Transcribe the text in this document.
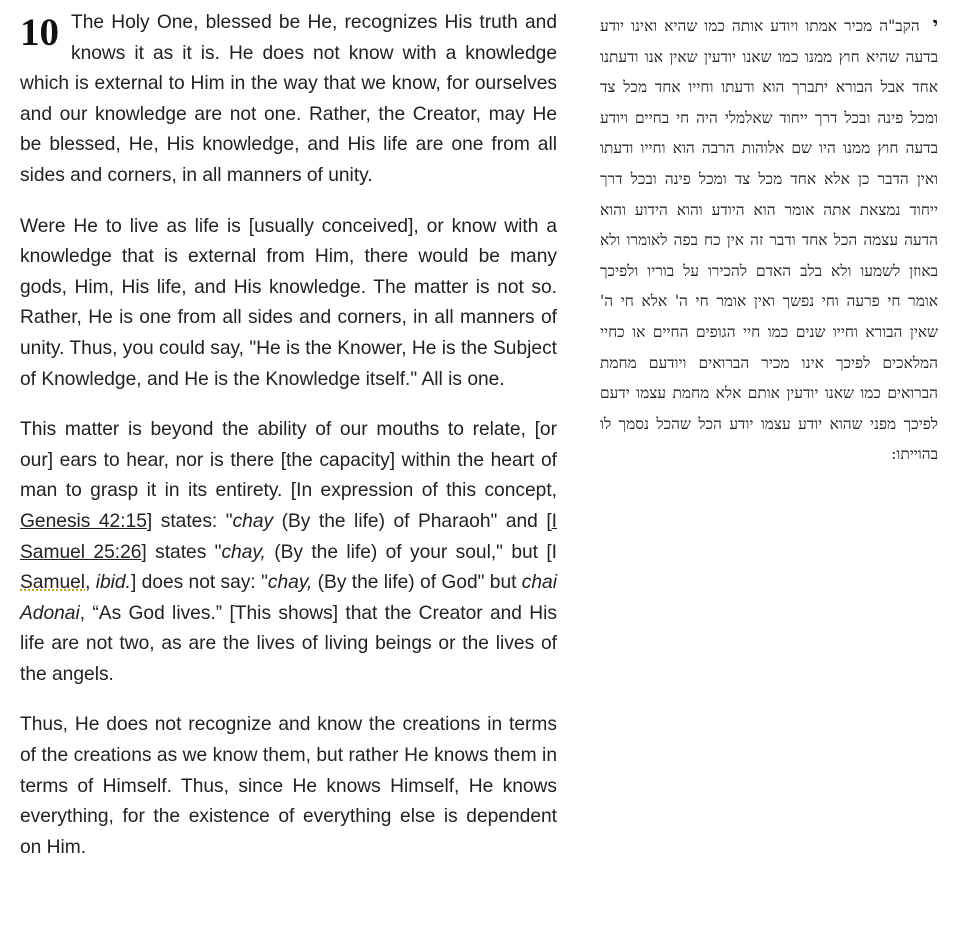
10 The Holy One, blessed be He, recognizes His truth and knows it as it is. He does not know with a knowledge which is external to Him in the way that we know, for ourselves and our knowledge are not one. Rather, the Creator, may He be blessed, He, His knowledge, and His life are one from all sides and corners, in all manners of unity.

Were He to live as life is [usually conceived], or know with a knowledge that is external from Him, there would be many gods, Him, His life, and His knowledge. The matter is not so. Rather, He is one from all sides and corners, in all manners of unity. Thus, you could say, "He is the Knower, He is the Subject of Knowledge, and He is the Knowledge itself." All is one.

This matter is beyond the ability of our mouths to relate, [or our] ears to hear, nor is there [the capacity] within the heart of man to grasp it in its entirety. [In expression of this concept, Genesis 42:15] states: "chay (By the life) of Pharaoh" and [I Samuel 25:26] states "chay, (By the life) of your soul," but [I Samuel, ibid.] does not say: "chay, (By the life) of God" but chai Adonai, “As God lives.” [This shows] that the Creator and His life are not two, as are the lives of living beings or the lives of the angels.

Thus, He does not recognize and know the creations in terms of the creations as we know them, but rather He knows them in terms of Himself. Thus, since He knows Himself, He knows everything, for the existence of everything else is dependent on Him.

י הקב"ה מכיר אמתו ויודע אותה כמו שהיא ואינו יודע בדעה שהיא חוץ ממנו כמו שאנו יודעין שאין אנו ודעתנו אחד אבל הבורא יתברך הוא ודעתו וחייו אחד מכל צד ומכל פינה ובכל דרך ייחוד שאלמלי היה חי בחיים ויודע בדעה חוץ ממנו היו שם אלוהות הרבה הוא וחייו ודעתו ואין הדבר כן אלא אחד מכל צד ומכל פינה ובכל דרך ייחוד נמצאת אתה אומר הוא היודע והוא הידוע והוא הדעה עצמה הכל אחד ודבר זה אין כח בפה לאומרו ולא באוזן לשמעו ולא בלב האדם להכירו על בוריו ולפיכך אומר חי פרעה וחי נפשך ואין אומר חי ה' אלא חי ה' שאין הבורא וחייו שנים כמו חיי הגופים החיים או כחיי המלאכים לפיכך אינו מכיר הברואים ויודעם מחמת הברואים כמו שאנו יודעין אותם אלא מחמת עצמו ידעם לפיכך מפני שהוא יודע עצמו יודע הכל שהכל נסמך לו בהוייתו:
